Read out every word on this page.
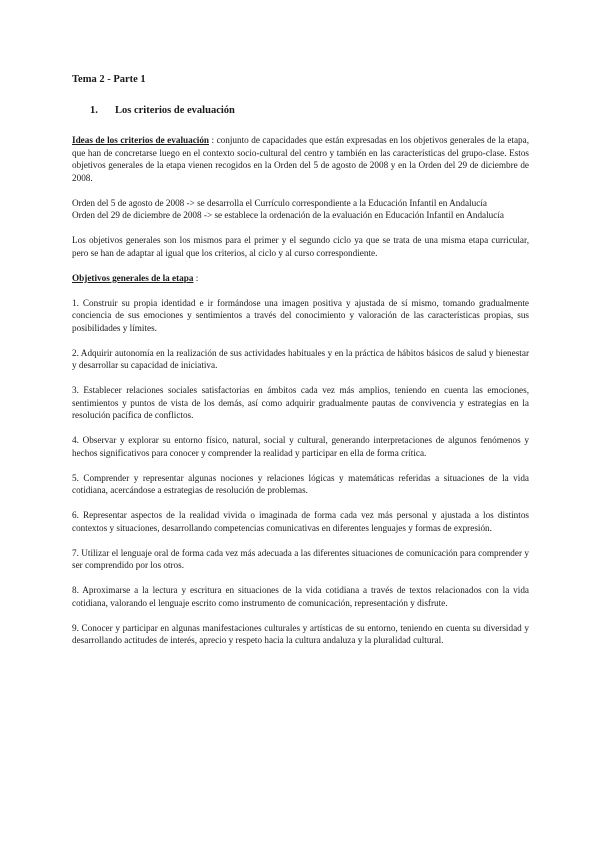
Tema 2 - Parte 1
1.	Los criterios de evaluación

Ideas de los criterios de evaluación : conjunto de capacidades que están expresadas en los objetivos generales de la etapa, que han de concretarse luego en el contexto socio-cultural del centro y también en las características del grupo-clase. Estos objetivos generales de la etapa vienen recogidos en la Orden del 5 de agosto de 2008 y en la Orden del 29 de diciembre de 2008.

Orden del 5 de agosto de 2008 -> se desarrolla el Currículo correspondiente a la Educación Infantil en Andalucía

Orden del 29 de diciembre de 2008 -> se establece la ordenación de la evaluación en Educación Infantil en Andalucía

Los objetivos generales son los mismos para el primer y el segundo ciclo ya que se trata de una misma etapa curricular, pero se han de adaptar al igual que los criterios, al ciclo y al curso correspondiente.

Objetivos generales de la etapa :

1. Construir su propia identidad e ir formándose una imagen positiva y ajustada de sí mismo, tomando gradualmente conciencia de sus emociones y sentimientos a través del conocimiento y valoración de las características propias, sus posibilidades y límites.

2. Adquirir autonomía en la realización de sus actividades habituales y en la práctica de hábitos básicos de salud y bienestar y desarrollar su capacidad de iniciativa.

3. Establecer relaciones sociales satisfactorias en ámbitos cada vez más amplios, teniendo en cuenta las emociones, sentimientos y puntos de vista de los demás, así como adquirir gradualmente pautas de convivencia y estrategias en la resolución pacífica de conflictos.

4. Observar y explorar su entorno físico, natural, social y cultural, generando interpretaciones de algunos fenómenos y hechos significativos para conocer y comprender la realidad y participar en ella de forma crítica.

5. Comprender y representar algunas nociones y relaciones lógicas y matemáticas referidas a situaciones de la vida cotidiana, acercándose a estrategias de resolución de problemas.

6. Representar aspectos de la realidad vivida o imaginada de forma cada vez más personal y ajustada a los distintos contextos y situaciones, desarrollando competencias comunicativas en diferentes lenguajes y formas de expresión.

7. Utilizar el lenguaje oral de forma cada vez más adecuada a las diferentes situaciones de comunicación para comprender y ser comprendido por los otros.

8. Aproximarse a la lectura y escritura en situaciones de la vida cotidiana a través de textos relacionados con la vida cotidiana, valorando el lenguaje escrito como instrumento de comunicación, representación y disfrute.

9. Conocer y participar en algunas manifestaciones culturales y artísticas de su entorno, teniendo en cuenta su diversidad y desarrollando actitudes de interés, aprecio y respeto hacia la cultura andaluza y la pluralidad cultural.
